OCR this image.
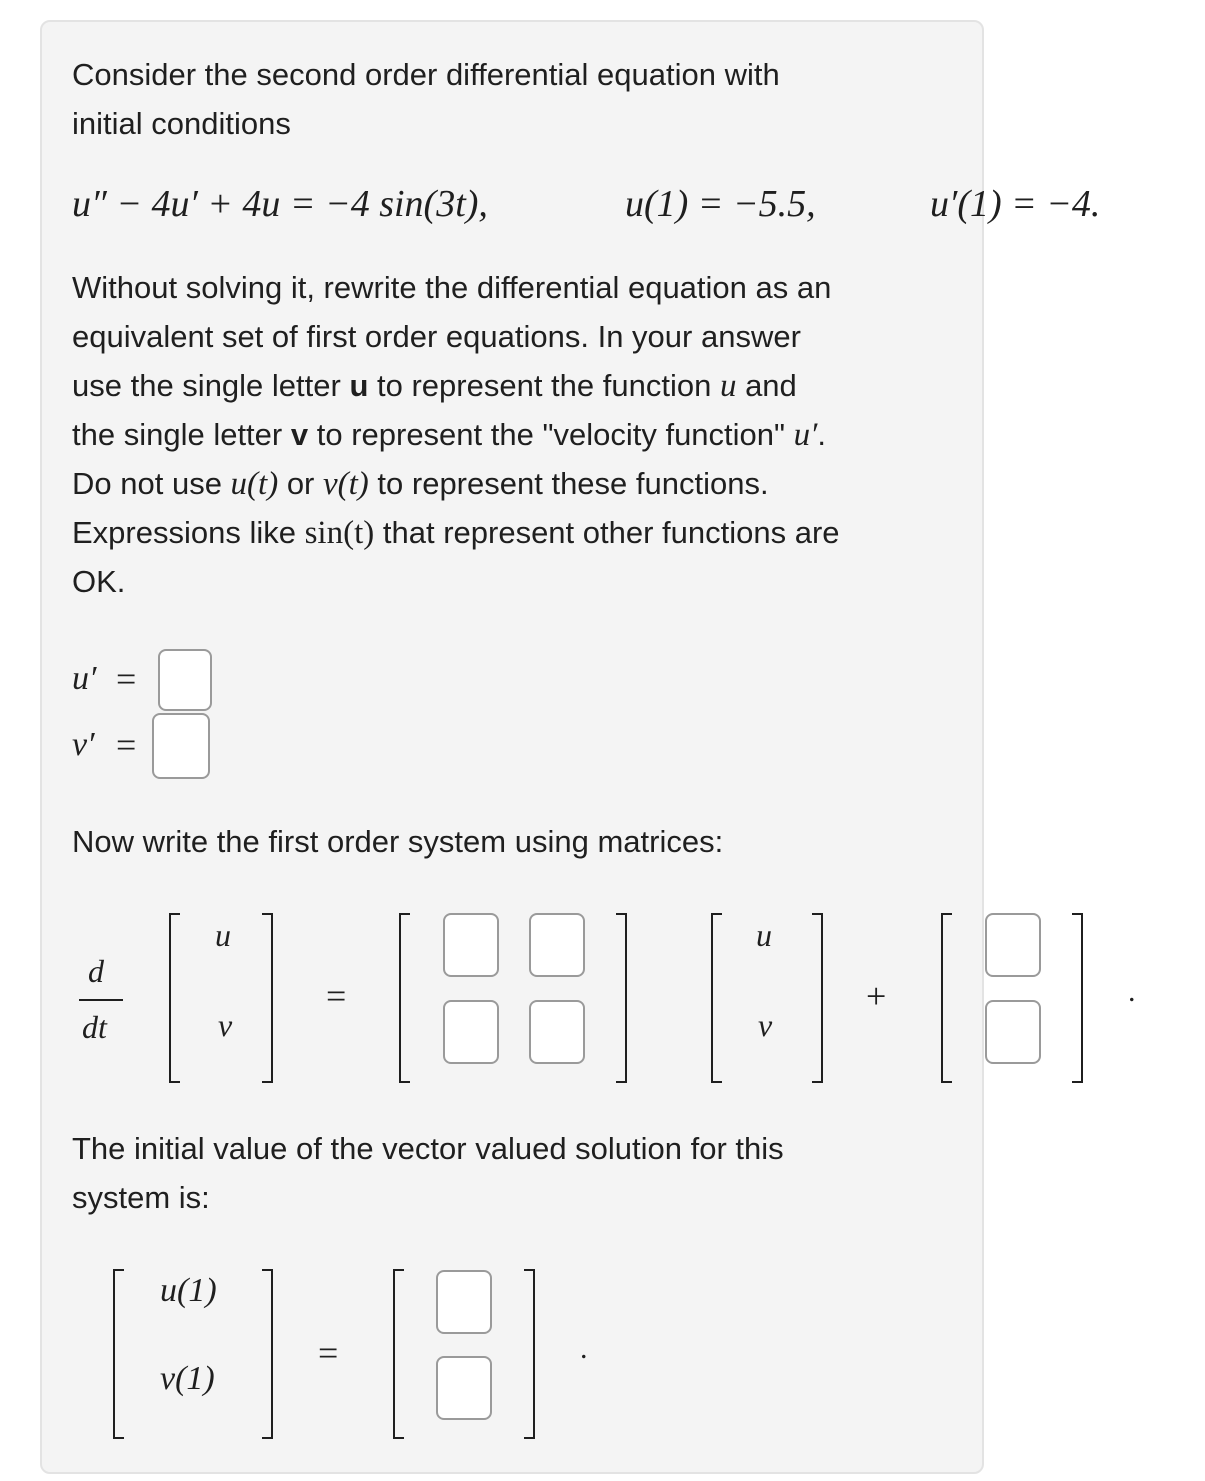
Consider the second order differential equation with

initial conditions

u″ − 4u′ + 4u = −4 sin(3t),	u(1) = −5.5,	u′(1) = −4.

Without solving it, rewrite the differential equation as an

equivalent set of first order equations. In your answer

use the single letter u to represent the function u and

the single letter v to represent the "velocity function" u′.

Do not use u(t) or v(t) to represent these functions.

Expressions like sin(t) that represent other functions are

OK.

u′ =
v′ =

Now write the first order system using matrices:

d
dt
u
v
=
u
v
+	.

The initial value of the vector valued solution for this

system is:

u(1)
v(1)
=	.
